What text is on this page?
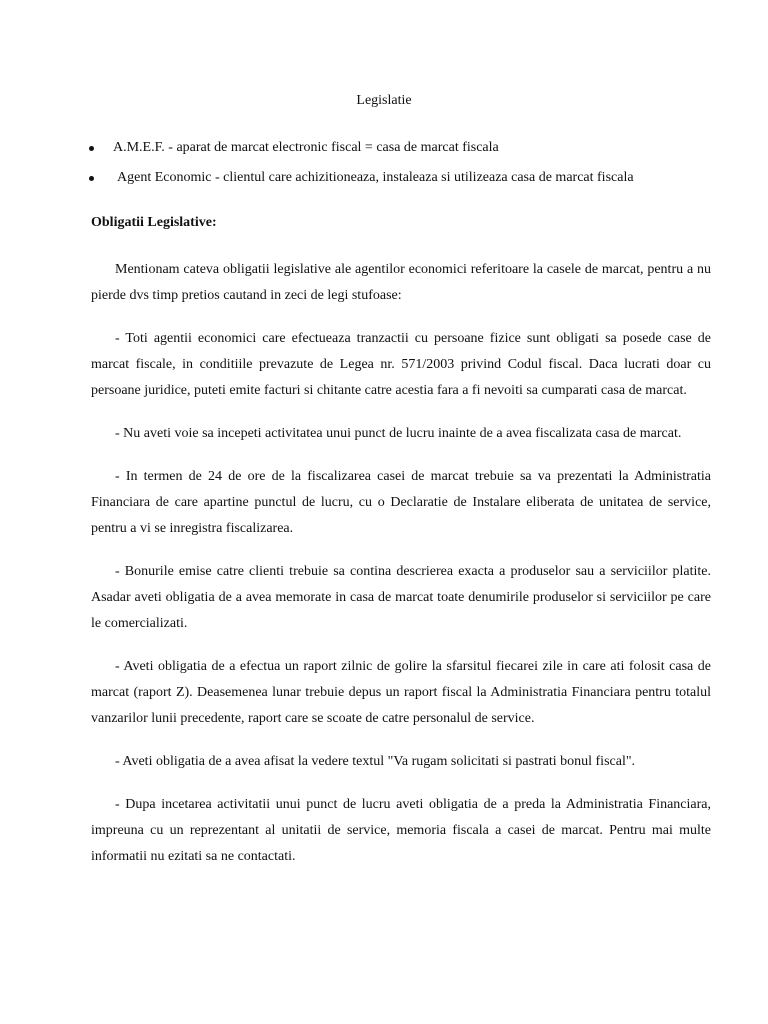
Legislatie
A.M.E.F. - aparat de marcat electronic fiscal = casa de marcat fiscala
Agent Economic - clientul care achizitioneaza, instaleaza si utilizeaza casa de marcat fiscala
Obligatii Legislative:

Mentionam cateva obligatii legislative ale agentilor economici referitoare la casele de marcat, pentru a nu pierde dvs timp pretios cautand in zeci de legi stufoase:

- Toti agentii economici care efectueaza tranzactii cu persoane fizice sunt obligati sa posede case de marcat fiscale, in conditiile prevazute de Legea nr. 571/2003 privind Codul fiscal. Daca lucrati doar cu persoane juridice, puteti emite facturi si chitante catre acestia fara a fi nevoiti sa cumparati casa de marcat.

- Nu aveti voie sa incepeti activitatea unui punct de lucru inainte de a avea fiscalizata casa de marcat.

- In termen de 24 de ore de la fiscalizarea casei de marcat trebuie sa va prezentati la Administratia Financiara de care apartine punctul de lucru, cu o Declaratie de Instalare eliberata de unitatea de service, pentru a vi se inregistra fiscalizarea.

- Bonurile emise catre clienti trebuie sa contina descrierea exacta a produselor sau a serviciilor platite. Asadar aveti obligatia de a avea memorate in casa de marcat toate denumirile produselor si serviciilor pe care le comercializati.

- Aveti obligatia de a efectua un raport zilnic de golire la sfarsitul fiecarei zile in care ati folosit casa de marcat (raport Z). Deasemenea lunar trebuie depus un raport fiscal la Administratia Financiara pentru totalul vanzarilor lunii precedente, raport care se scoate de catre personalul de service.

- Aveti obligatia de a avea afisat la vedere textul "Va rugam solicitati si pastrati bonul fiscal".

- Dupa incetarea activitatii unui punct de lucru aveti obligatia de a preda la Administratia Financiara, impreuna cu un reprezentant al unitatii de service, memoria fiscala a casei de marcat. Pentru mai multe informatii nu ezitati sa ne contactati.
